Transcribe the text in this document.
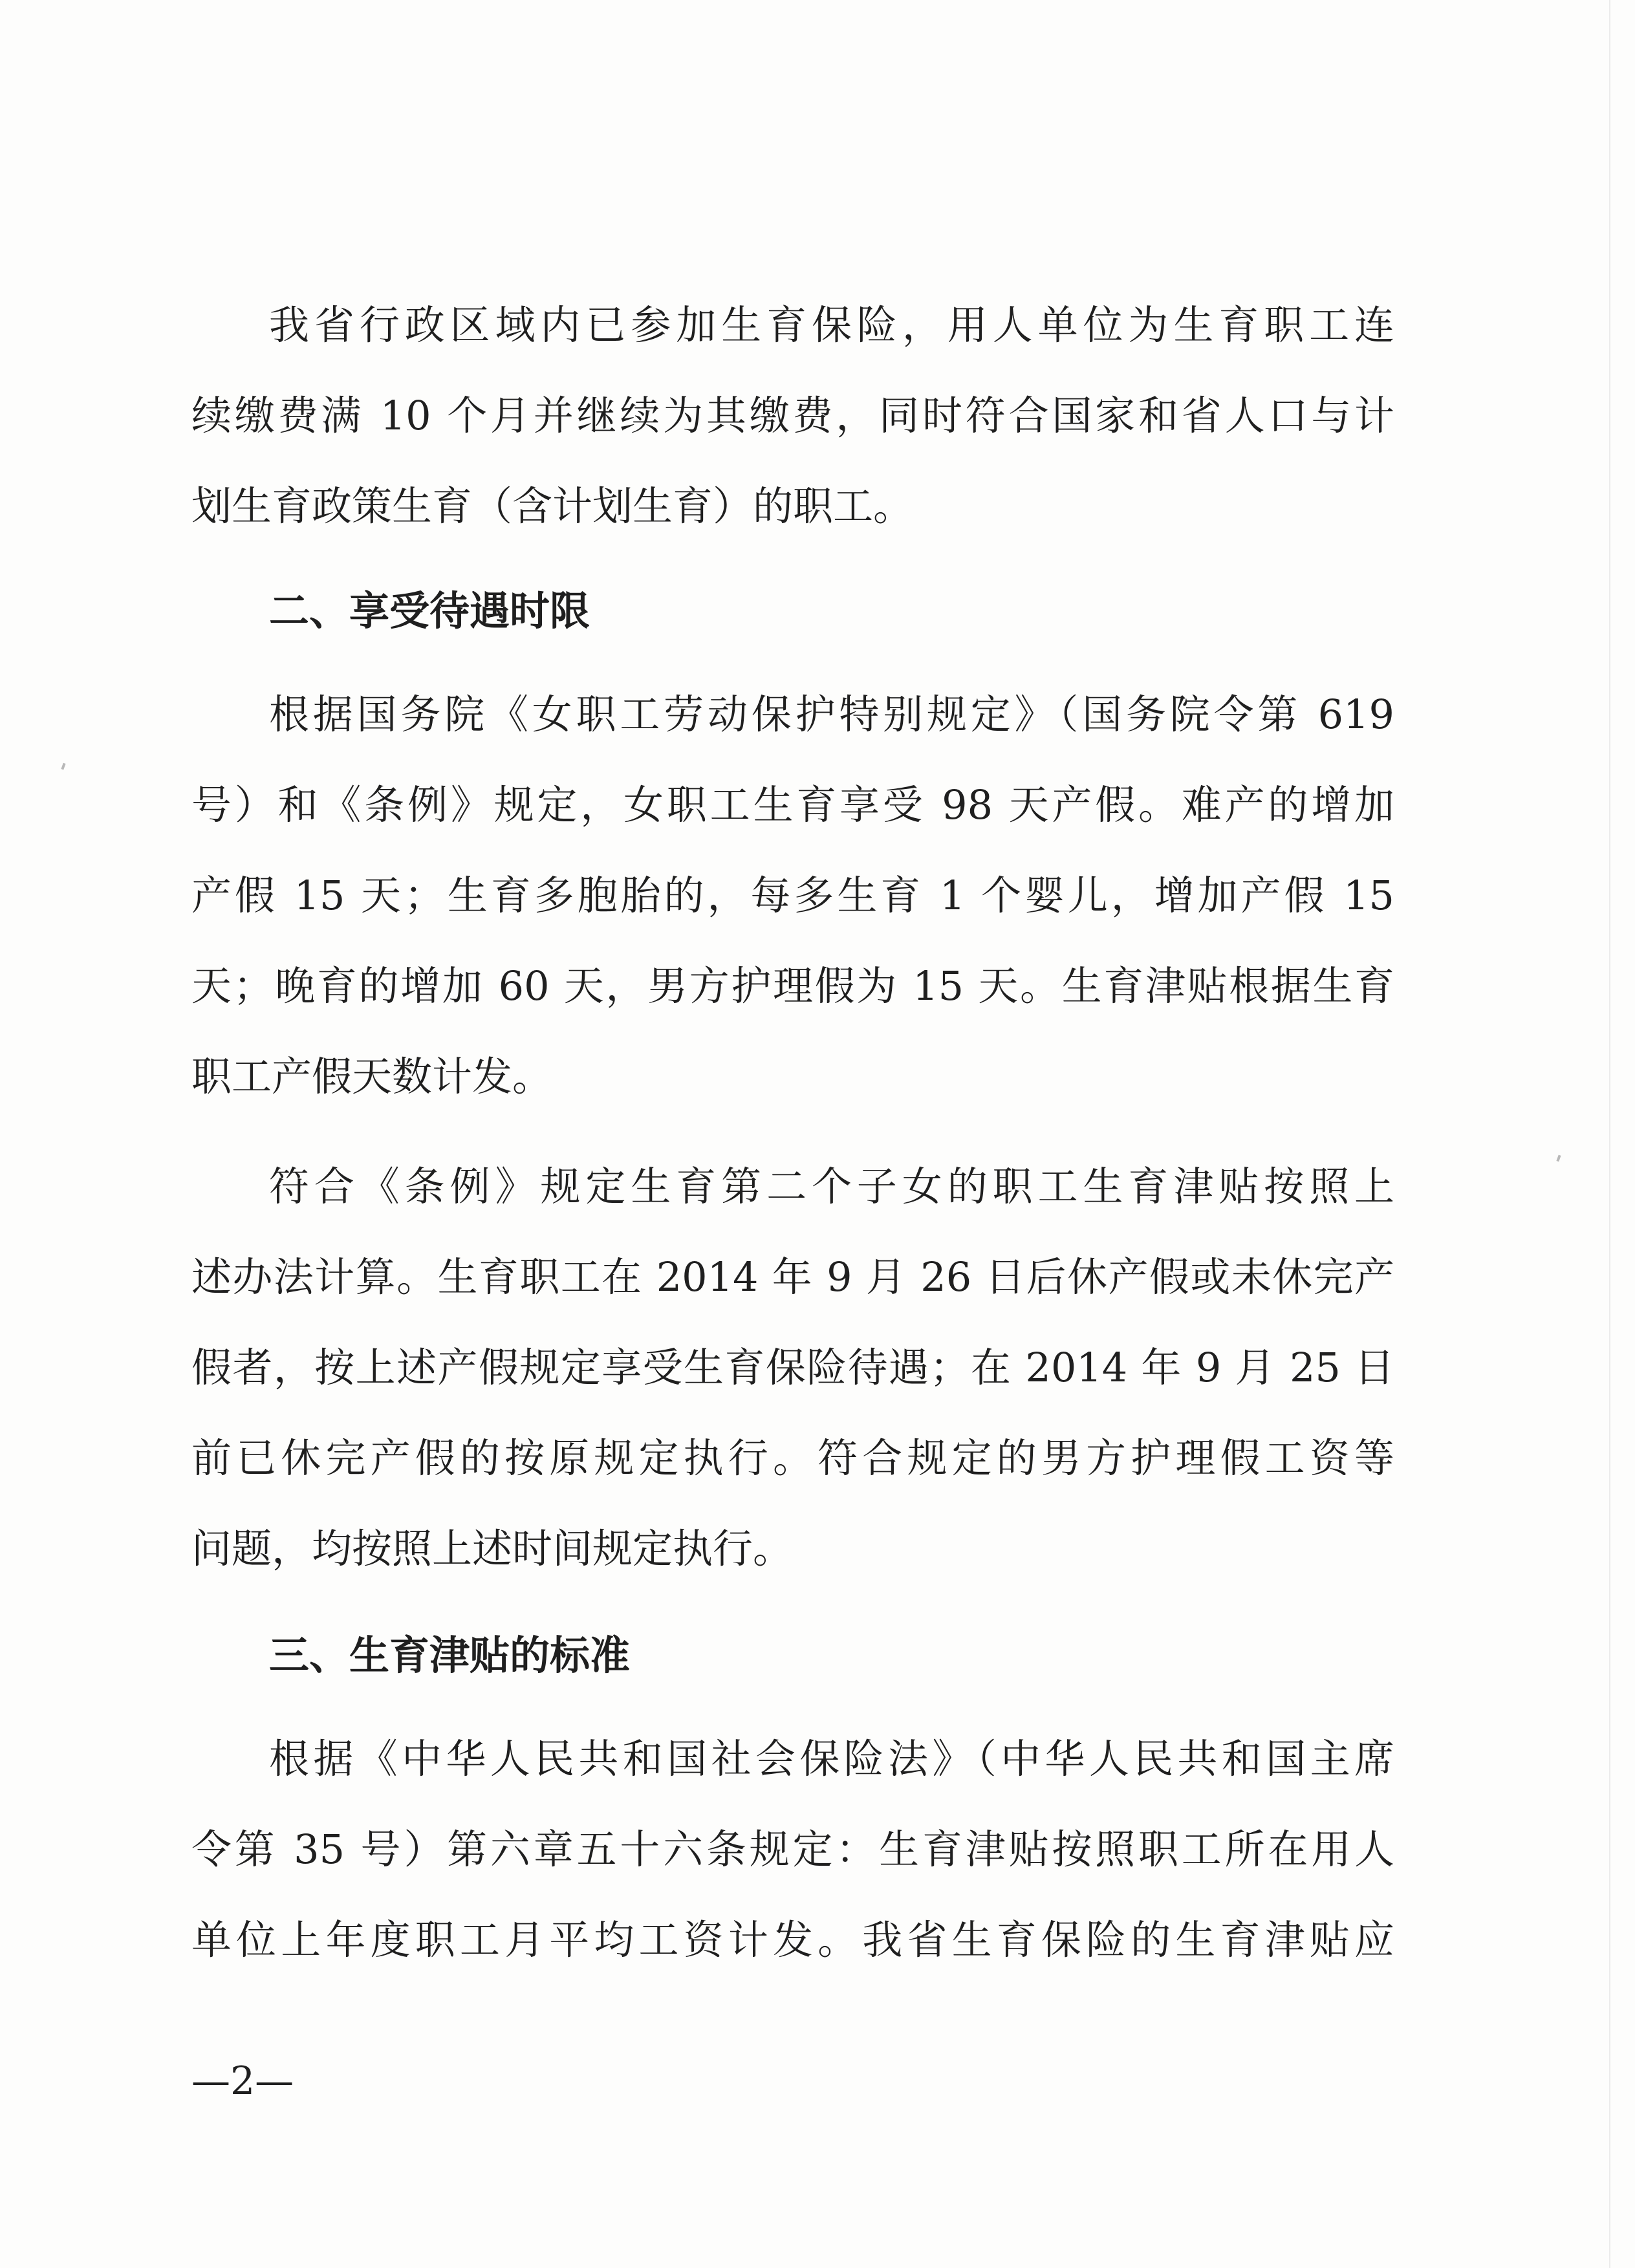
我省行政区域内已参加生育保险，用人单位为生育职工连
续缴费满 10 个月并继续为其缴费，同时符合国家和省人口与计
划生育政策生育（含计划生育）的职工。
二、享受待遇时限
根据国务院《女职工劳动保护特别规定》（国务院令第 619
号）和《条例》规定，女职工生育享受 98 天产假。难产的增加
产假 15 天；生育多胞胎的，每多生育 1 个婴儿，增加产假 15
天；晚育的增加 60 天，男方护理假为 15 天。生育津贴根据生育
职工产假天数计发。
符合《条例》规定生育第二个子女的职工生育津贴按照上
述办法计算。生育职工在 2014 年 9 月 26 日后休产假或未休完产
假者，按上述产假规定享受生育保险待遇；在 2014 年 9 月 25 日
前已休完产假的按原规定执行。符合规定的男方护理假工资等
问题，均按照上述时间规定执行。
三、生育津贴的标准
根据《中华人民共和国社会保险法》（中华人民共和国主席
令第 35 号）第六章五十六条规定：生育津贴按照职工所在用人
单位上年度职工月平均工资计发。我省生育保险的生育津贴应
—2—
